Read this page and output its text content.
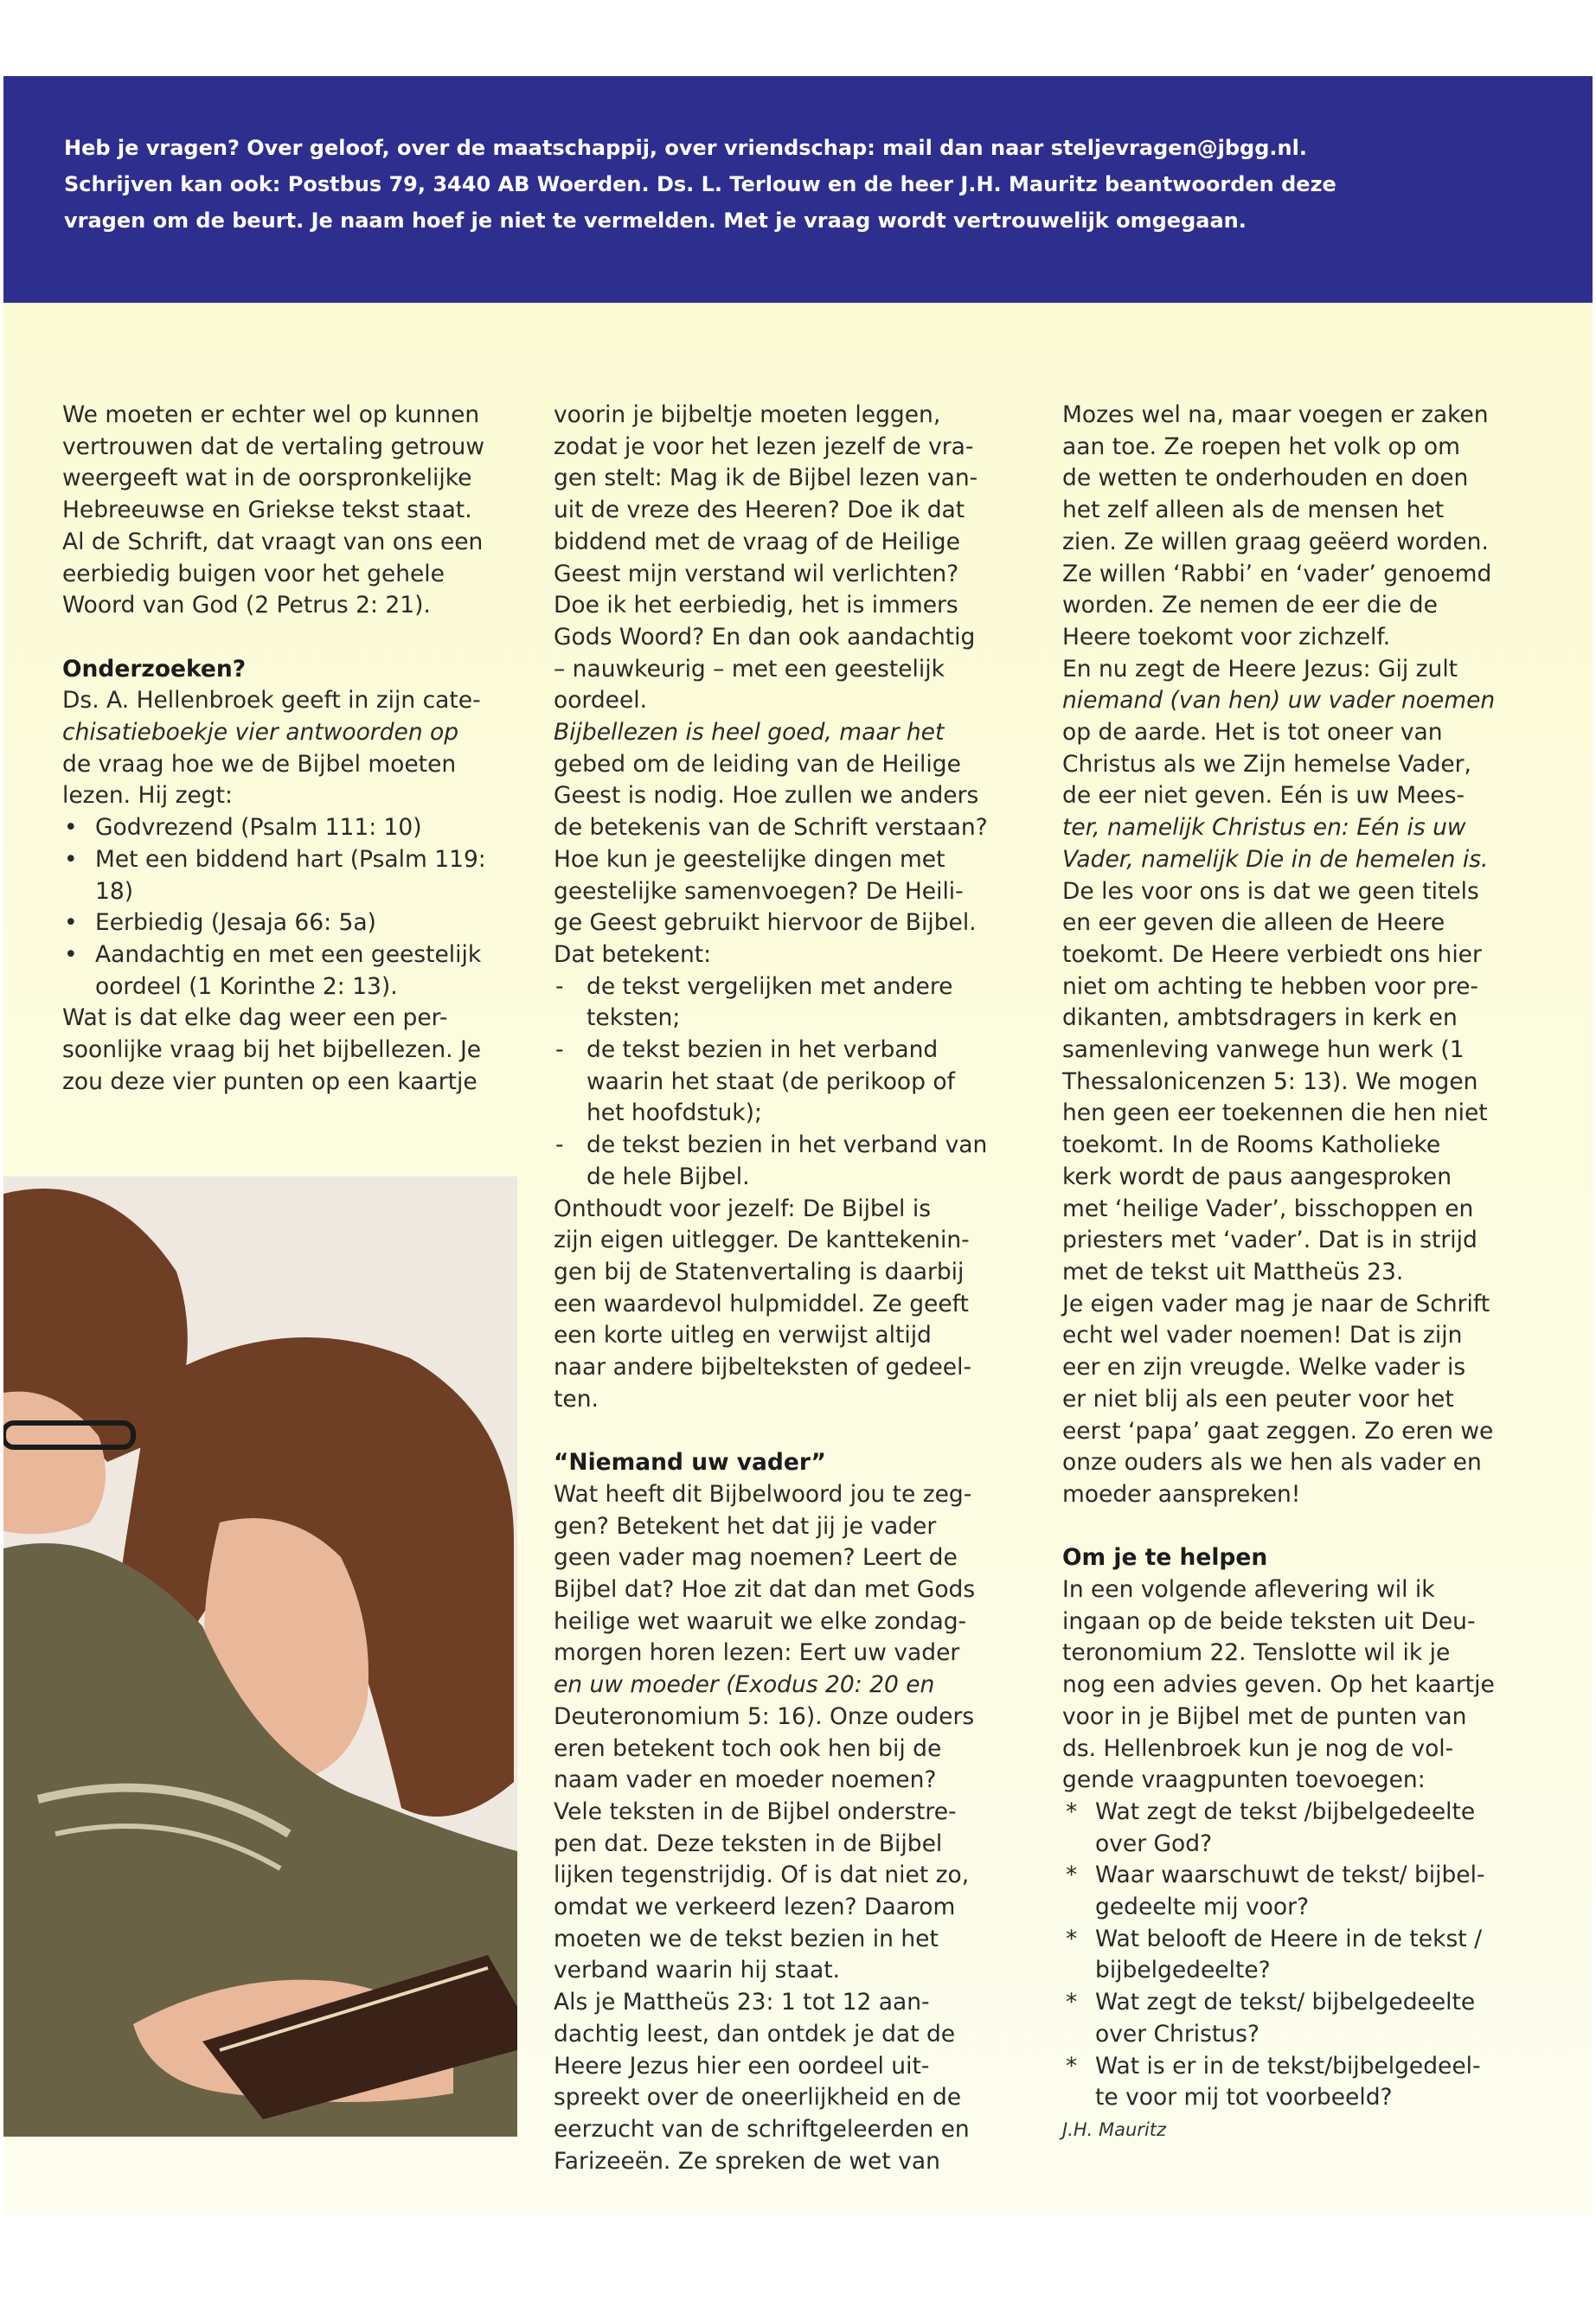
Heb je vragen? Over geloof, over de maatschappij, over vriendschap: mail dan naar steljevragen@jbgg.nl.

Schrijven kan ook: Postbus 79, 3440 AB Woerden. Ds. L. Terlouw en de heer J.H. Mauritz beantwoorden deze

vragen om de beurt. Je naam hoef je niet te vermelden. Met je vraag wordt vertrouwelijk omgegaan.

We moeten er echter wel op kunnen

vertrouwen dat de vertaling getrouw

weergeeft wat in de oorspronkelijke

Hebreeuwse en Griekse tekst staat.

Al de Schrift, dat vraagt van ons een

eerbiedig buigen voor het gehele

Woord van God (2 Petrus 2: 21).

Onderzoeken?

Ds. A. Hellenbroek geeft in zijn cate-

chisatieboekje vier antwoorden op

de vraag hoe we de Bijbel moeten

lezen. Hij zegt:

• Godvrezend (Psalm 111: 10)

• Met een biddend hart (Psalm 119:

18)

• Eerbiedig (Jesaja 66: 5a)

• Aandachtig en met een geestelijk

oordeel (1 Korinthe 2: 13).

Wat is dat elke dag weer een per-

soonlijke vraag bij het bijbellezen. Je

zou deze vier punten op een kaartje

voorin je bijbeltje moeten leggen,

zodat je voor het lezen jezelf de vra-

gen stelt: Mag ik de Bijbel lezen van-

uit de vreze des Heeren? Doe ik dat

biddend met de vraag of de Heilige

Geest mijn verstand wil verlichten?

Doe ik het eerbiedig, het is immers

Gods Woord? En dan ook aandachtig

– nauwkeurig – met een geestelijk

oordeel.

Bijbellezen is heel goed, maar het

gebed om de leiding van de Heilige

Geest is nodig. Hoe zullen we anders

de betekenis van de Schrift verstaan?

Hoe kun je geestelijke dingen met

geestelijke samenvoegen? De Heili-

ge Geest gebruikt hiervoor de Bijbel.

Dat betekent:

- de tekst vergelijken met andere

teksten;

- de tekst bezien in het verband

waarin het staat (de perikoop of

het hoofdstuk);

- de tekst bezien in het verband van

de hele Bijbel.

Onthoudt voor jezelf: De Bijbel is

zijn eigen uitlegger. De kanttekenin-

gen bij de Statenvertaling is daarbij

een waardevol hulpmiddel. Ze geeft

een korte uitleg en verwijst altijd

naar andere bijbelteksten of gedeel-

ten.

“Niemand uw vader”

Wat heeft dit Bijbelwoord jou te zeg-

gen? Betekent het dat jij je vader

geen vader mag noemen? Leert de

Bijbel dat? Hoe zit dat dan met Gods

heilige wet waaruit we elke zondag-

morgen horen lezen: Eert uw vader

en uw moeder (Exodus 20: 20 en

Deuteronomium 5: 16). Onze ouders

eren betekent toch ook hen bij de

naam vader en moeder noemen?

Vele teksten in de Bijbel onderstre-

pen dat. Deze teksten in de Bijbel

lijken tegenstrijdig. Of is dat niet zo,

omdat we verkeerd lezen? Daarom

moeten we de tekst bezien in het

verband waarin hij staat.

Als je Mattheüs 23: 1 tot 12 aan-

dachtig leest, dan ontdek je dat de

Heere Jezus hier een oordeel uit-

spreekt over de oneerlijkheid en de

eerzucht van de schriftgeleerden en

Farizeeën. Ze spreken de wet van

Mozes wel na, maar voegen er zaken

aan toe. Ze roepen het volk op om

de wetten te onderhouden en doen

het zelf alleen als de mensen het

zien. Ze willen graag geëerd worden.

Ze willen ‘Rabbi’ en ‘vader’ genoemd

worden. Ze nemen de eer die de

Heere toekomt voor zichzelf.

En nu zegt de Heere Jezus: Gij zult

niemand (van hen) uw vader noemen

op de aarde. Het is tot oneer van

Christus als we Zijn hemelse Vader,

de eer niet geven. Eén is uw Mees-

ter, namelijk Christus en: Eén is uw

Vader, namelijk Die in de hemelen is.

De les voor ons is dat we geen titels

en eer geven die alleen de Heere

toekomt. De Heere verbiedt ons hier

niet om achting te hebben voor pre-

dikanten, ambtsdragers in kerk en

samenleving vanwege hun werk (1

Thessalonicenzen 5: 13). We mogen

hen geen eer toekennen die hen niet

toekomt. In de Rooms Katholieke

kerk wordt de paus aangesproken

met ‘heilige Vader’, bisschoppen en

priesters met ‘vader’. Dat is in strijd

met de tekst uit Mattheüs 23.

Je eigen vader mag je naar de Schrift

echt wel vader noemen! Dat is zijn

eer en zijn vreugde. Welke vader is

er niet blij als een peuter voor het

eerst ‘papa’ gaat zeggen. Zo eren we

onze ouders als we hen als vader en

moeder aanspreken!

Om je te helpen

In een volgende aflevering wil ik

ingaan op de beide teksten uit Deu-

teronomium 22. Tenslotte wil ik je

nog een advies geven. Op het kaartje

voor in je Bijbel met de punten van

ds. Hellenbroek kun je nog de vol-

gende vraagpunten toevoegen:

* Wat zegt de tekst /bijbelgedeelte

over God?

* Waar waarschuwt de tekst/ bijbel-

gedeelte mij voor?

* Wat belooft de Heere in de tekst /

bijbelgedeelte?

* Wat zegt de tekst/ bijbelgedeelte

over Christus?

* Wat is er in de tekst/bijbelgedeel-

te voor mij tot voorbeeld?

J.H. Mauritz
